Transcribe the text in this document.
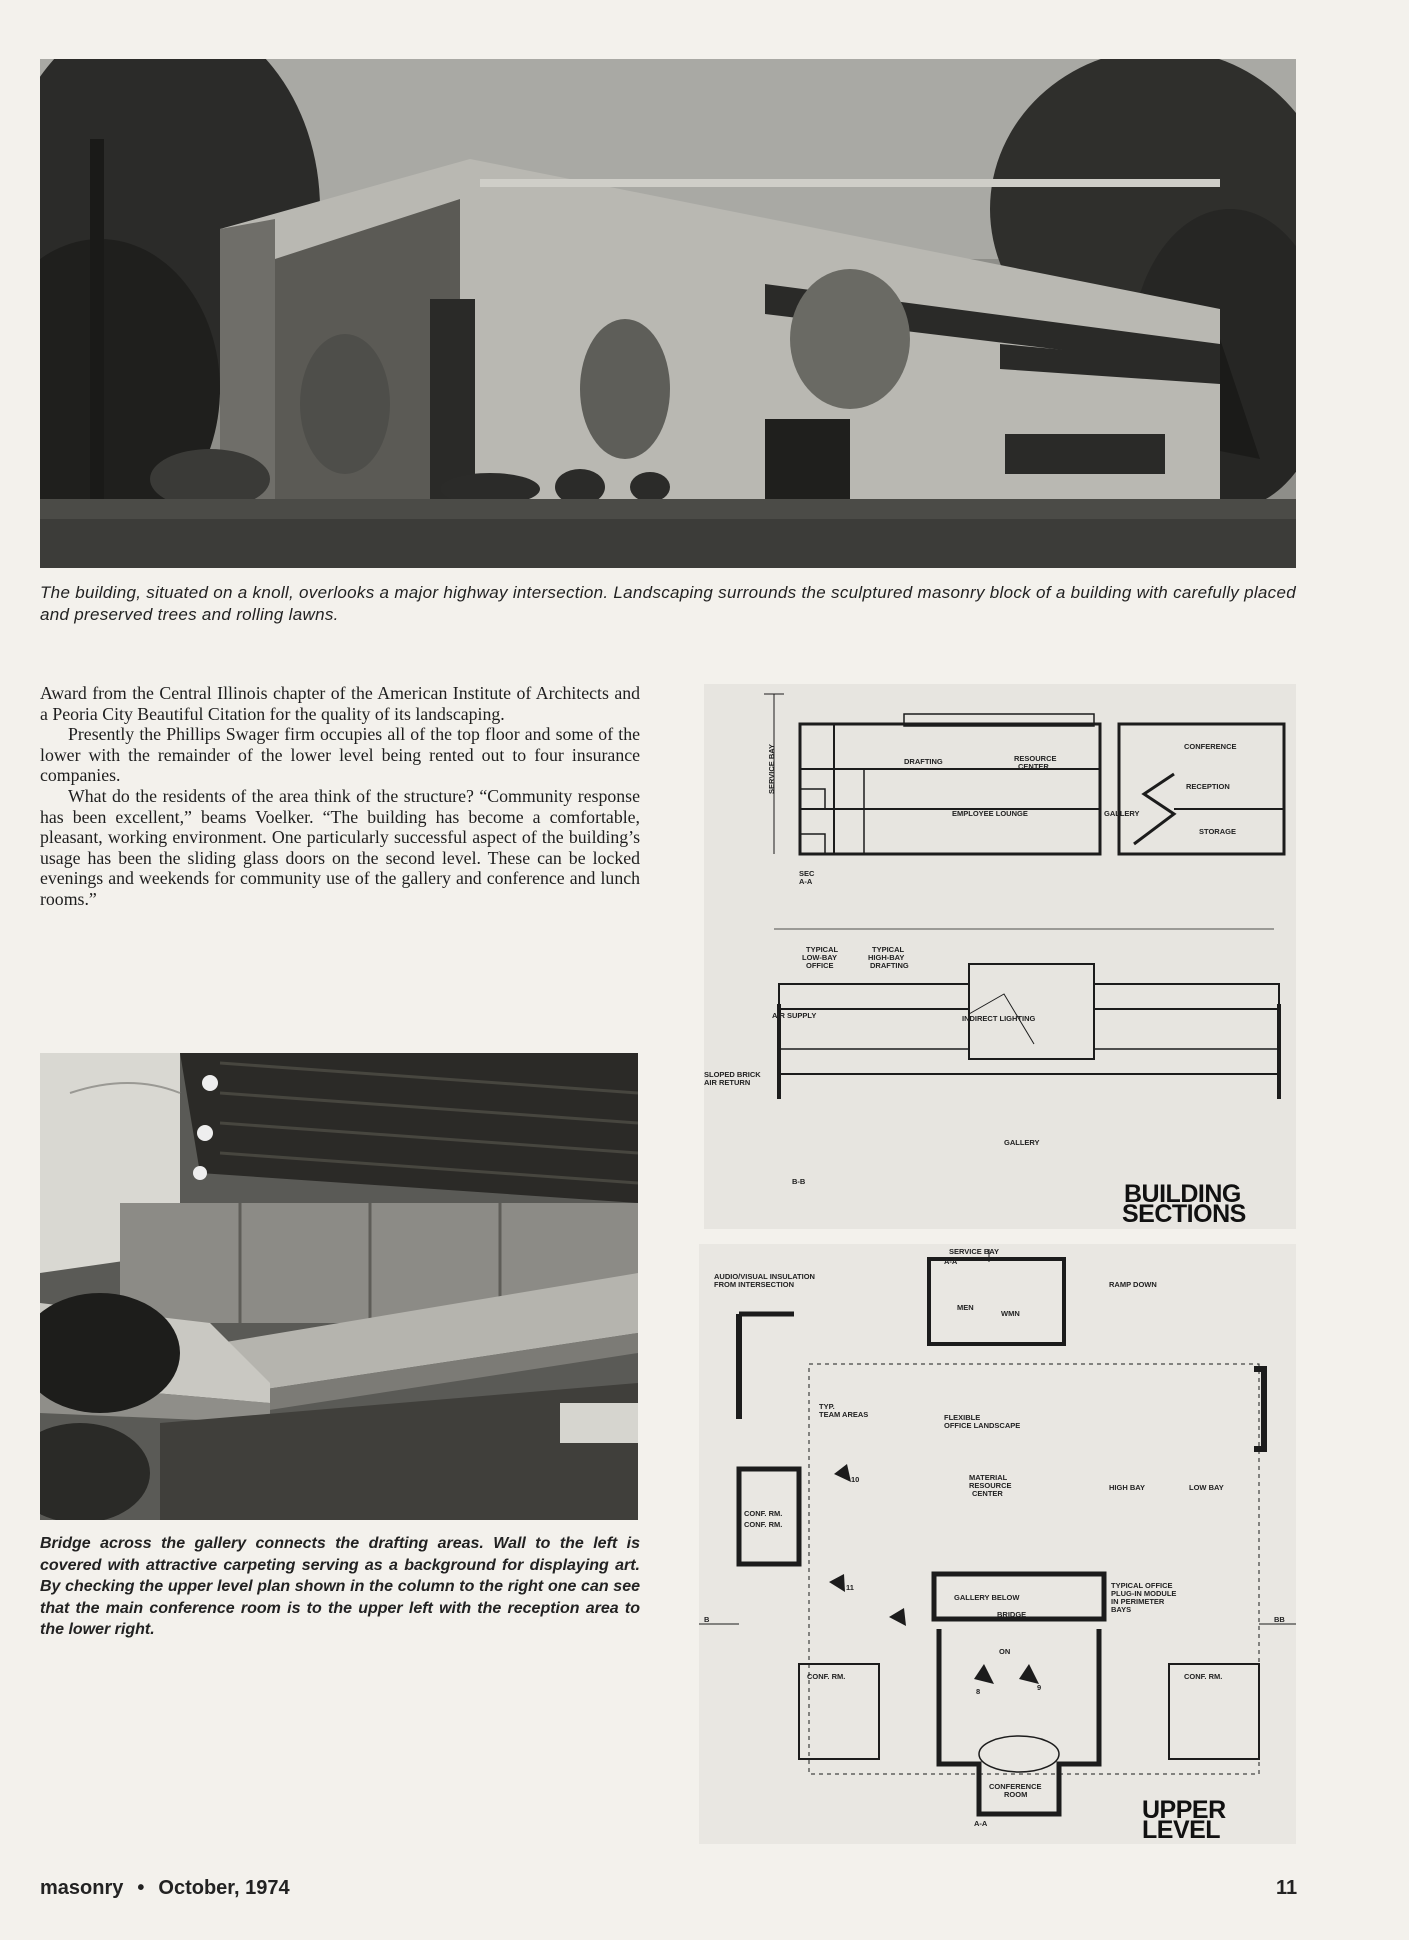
The building, situated on a knoll, overlooks a major highway intersection. Landscaping surrounds the sculptured masonry block of a building with carefully placed and preserved trees and rolling lawns.

Award from the Central Illinois chapter of the American Institute of Architects and a Peoria City Beautiful Citation for the quality of its landscaping.

Presently the Phillips Swager firm occupies all of the top floor and some of the lower with the remainder of the lower level being rented out to four insurance companies.

What do the residents of the area think of the structure? “Community response has been excellent,” beams Voelker. “The building has become a comfortable, pleasant, working environment. One particularly successful aspect of the building’s usage has been the sliding glass doors on the second level. These can be locked evenings and weekends for community use of the gallery and conference and lunch rooms.”

Bridge across the gallery connects the drafting areas. Wall to the left is covered with attractive carpeting serving as a background for displaying art. By checking the upper level plan shown in the column to the right one can see that the main conference room is to the upper left with the reception area to the lower right.
SERVICE BAY	DRAFTING	RESOURCE
CENTER
CONFERENCE
RECEPTION
EMPLOYEE LOUNGE	GALLERY
STORAGE
SEC
A-A
TYPICAL
LOW-BAY
OFFICE
TYPICAL
HIGH-BAY
DRAFTING
AIR SUPPLY	INDIRECT LIGHTING
SLOPED BRICK
AIR RETURN
GALLERY
B-B	BUILDING
SECTIONS
AUDIO/VISUAL INSULATION
FROM INTERSECTION
SERVICE BAY
A-A
RAMP DOWN
MEN
WMN
TYP.
TEAM AREAS	FLEXIBLE
OFFICE LANDSCAPE
MATERIAL
RESOURCE
CENTER
HIGH BAY	LOW BAY
CONF. RM.
CONF. RM.
GALLERY BELOW
TYPICAL OFFICE
PLUG-IN MODULE
IN PERIMETER
BAYS
BRIDGE
B	BB
CONF. RM.	CONF. RM.
ON
CONFERENCE
ROOM
A-A
10
11
9
8
UPPER
LEVEL
masonry • October, 1974	11
